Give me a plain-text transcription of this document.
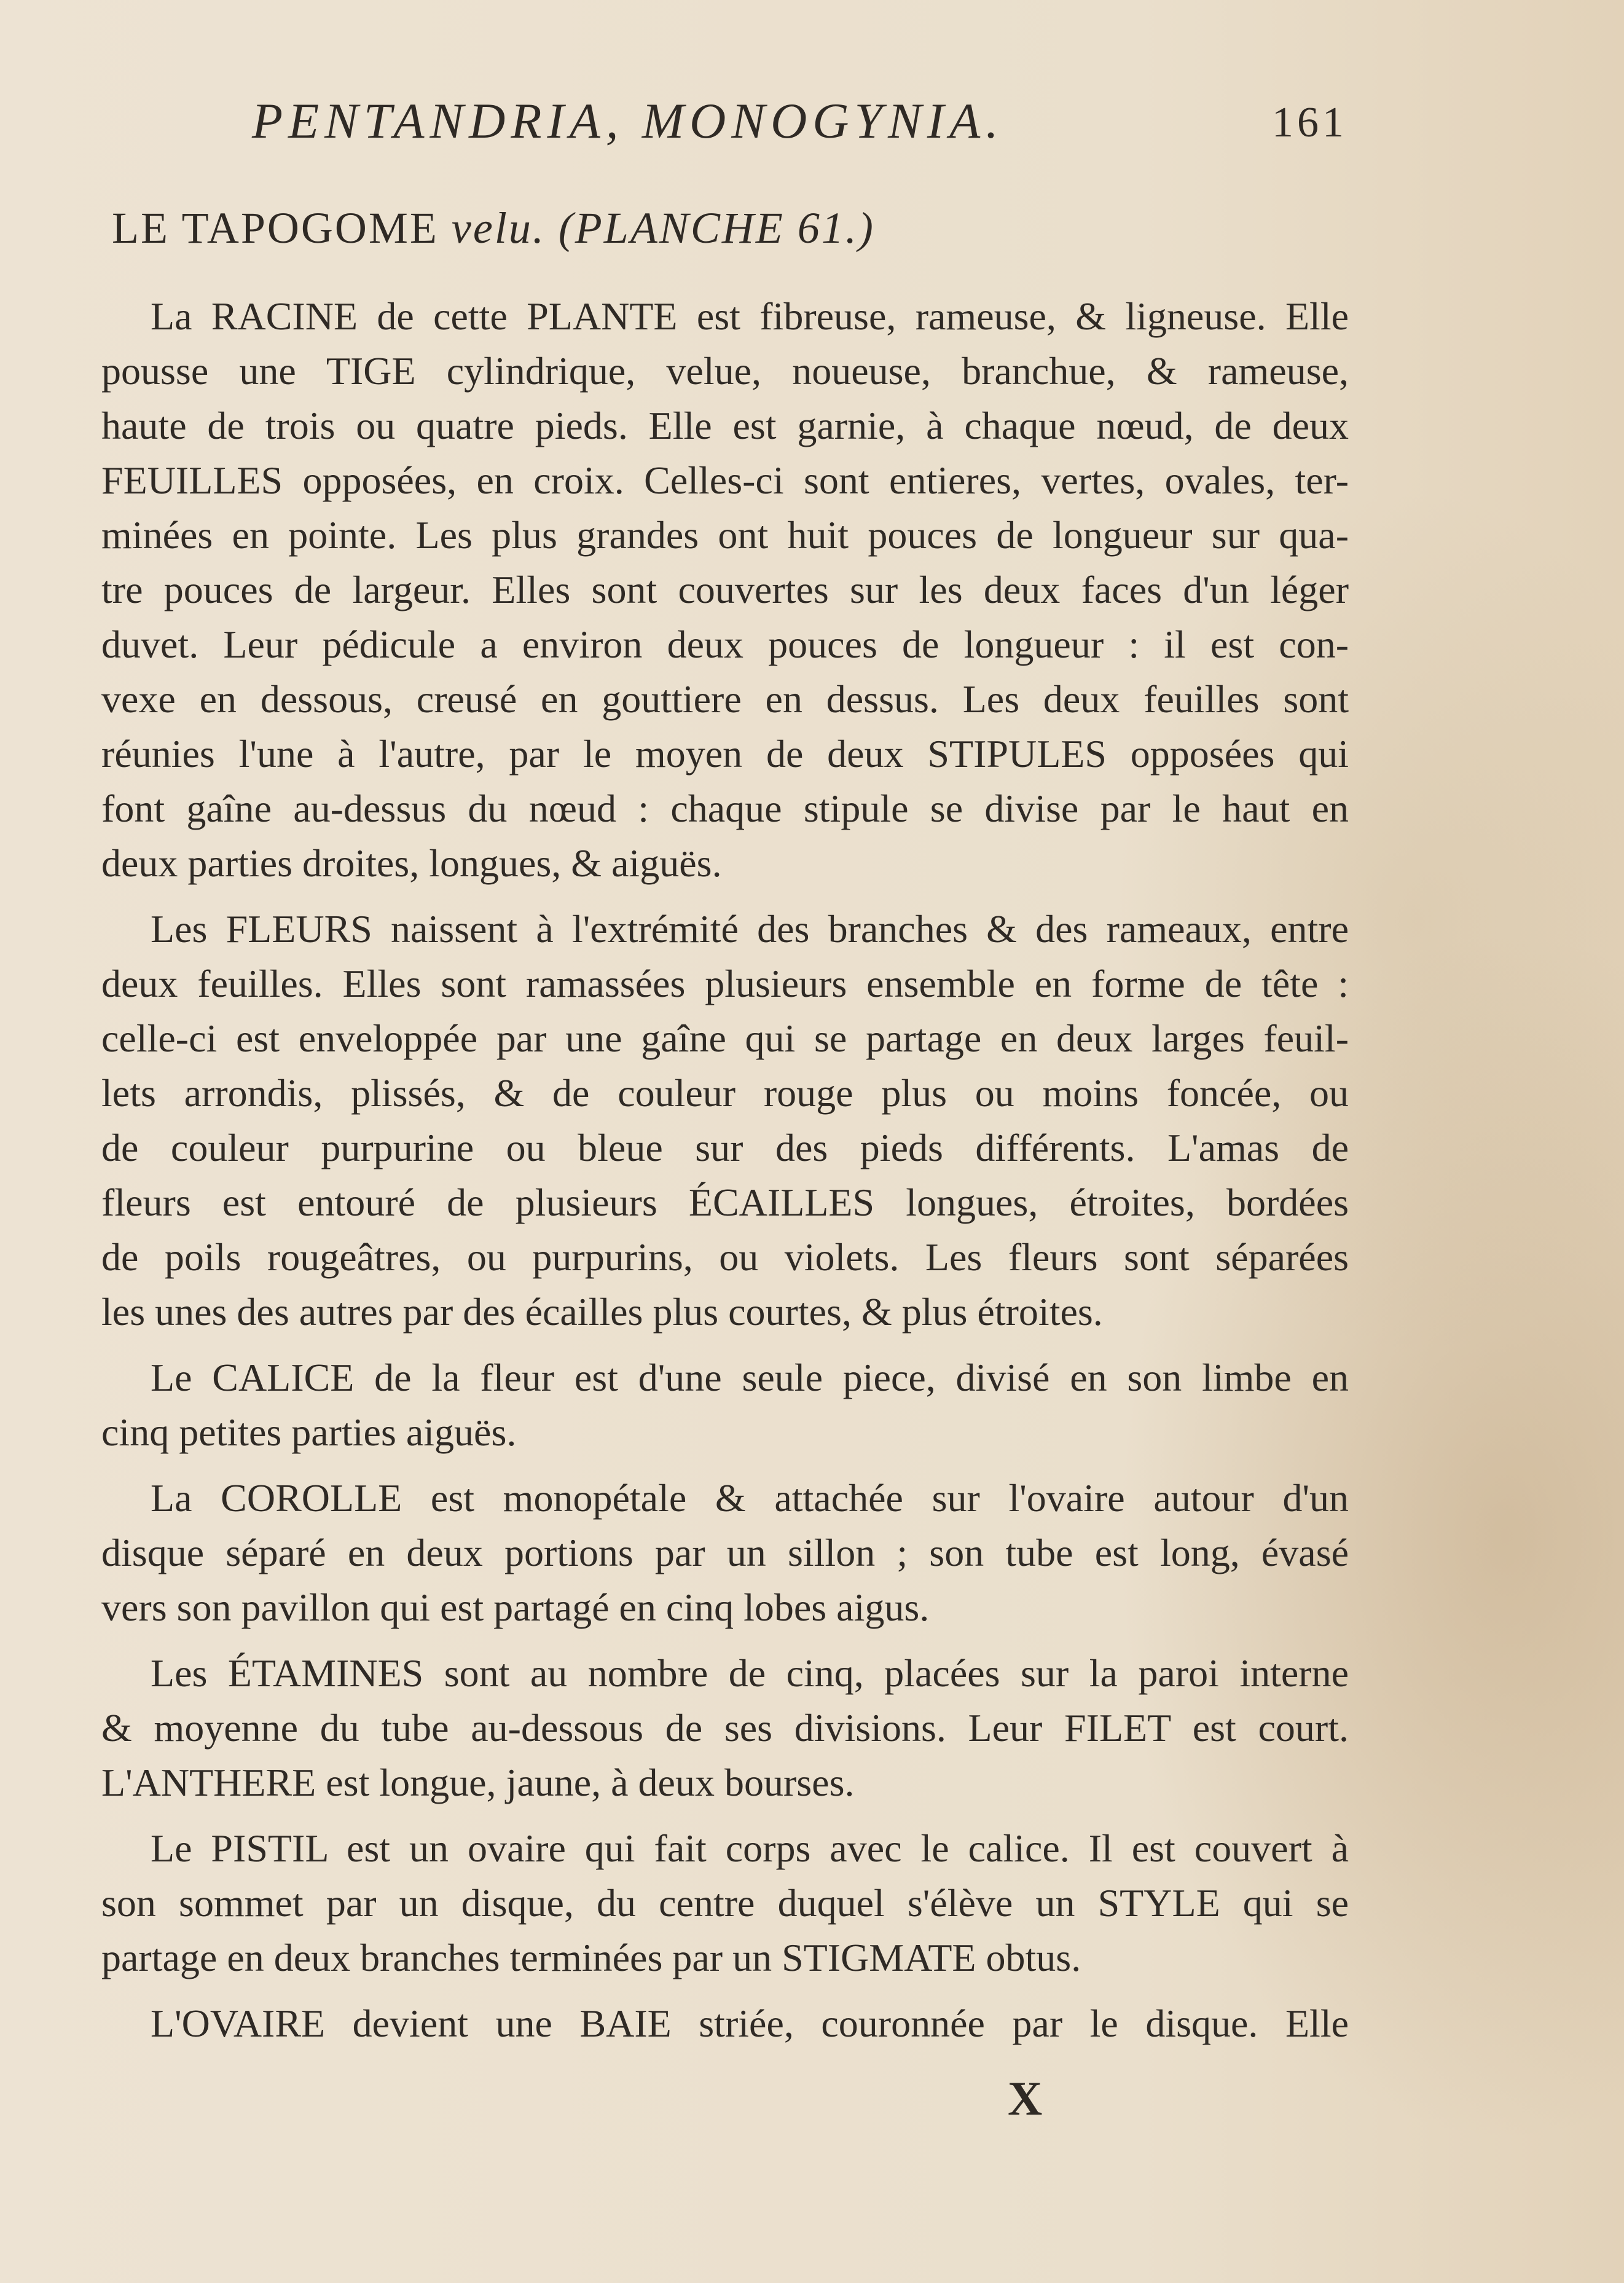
PENTANDRIA, MONOGYNIA.	161
LE TAPOGOME velu. (PLANCHE 61.)
La RACINE de cette PLANTE est fibreuse, rameuse, & ligneuse. Elle
pousse une TIGE cylindrique, velue, noueuse, branchue, & rameuse,
haute de trois ou quatre pieds. Elle est garnie, à chaque nœud, de deux
FEUILLES opposées, en croix. Celles-ci sont entieres, vertes, ovales, ter-
minées en pointe. Les plus grandes ont huit pouces de longueur sur qua-
tre pouces de largeur. Elles sont couvertes sur les deux faces d'un léger
duvet. Leur pédicule a environ deux pouces de longueur : il est con-
vexe en dessous, creusé en gouttiere en dessus. Les deux feuilles sont
réunies l'une à l'autre, par le moyen de deux STIPULES opposées qui
font gaîne au-dessus du nœud : chaque stipule se divise par le haut en
deux parties droites, longues, & aiguës.
Les FLEURS naissent à l'extrémité des branches & des rameaux, entre
deux feuilles. Elles sont ramassées plusieurs ensemble en forme de tête :
celle-ci est enveloppée par une gaîne qui se partage en deux larges feuil-
lets arrondis, plissés, & de couleur rouge plus ou moins foncée, ou
de couleur purpurine ou bleue sur des pieds différents. L'amas de
fleurs est entouré de plusieurs ÉCAILLES longues, étroites, bordées
de poils rougeâtres, ou purpurins, ou violets. Les fleurs sont séparées
les unes des autres par des écailles plus courtes, & plus étroites.
Le CALICE de la fleur est d'une seule piece, divisé en son limbe en
cinq petites parties aiguës.
La COROLLE est monopétale & attachée sur l'ovaire autour d'un
disque séparé en deux portions par un sillon ; son tube est long, évasé
vers son pavillon qui est partagé en cinq lobes aigus.
Les ÉTAMINES sont au nombre de cinq, placées sur la paroi interne
& moyenne du tube au-dessous de ses divisions. Leur FILET est court.
L'ANTHERE est longue, jaune, à deux bourses.
Le PISTIL est un ovaire qui fait corps avec le calice. Il est couvert à
son sommet par un disque, du centre duquel s'élève un STYLE qui se
partage en deux branches terminées par un STIGMATE obtus.
L'OVAIRE devient une BAIE striée, couronnée par le disque. Elle
X
